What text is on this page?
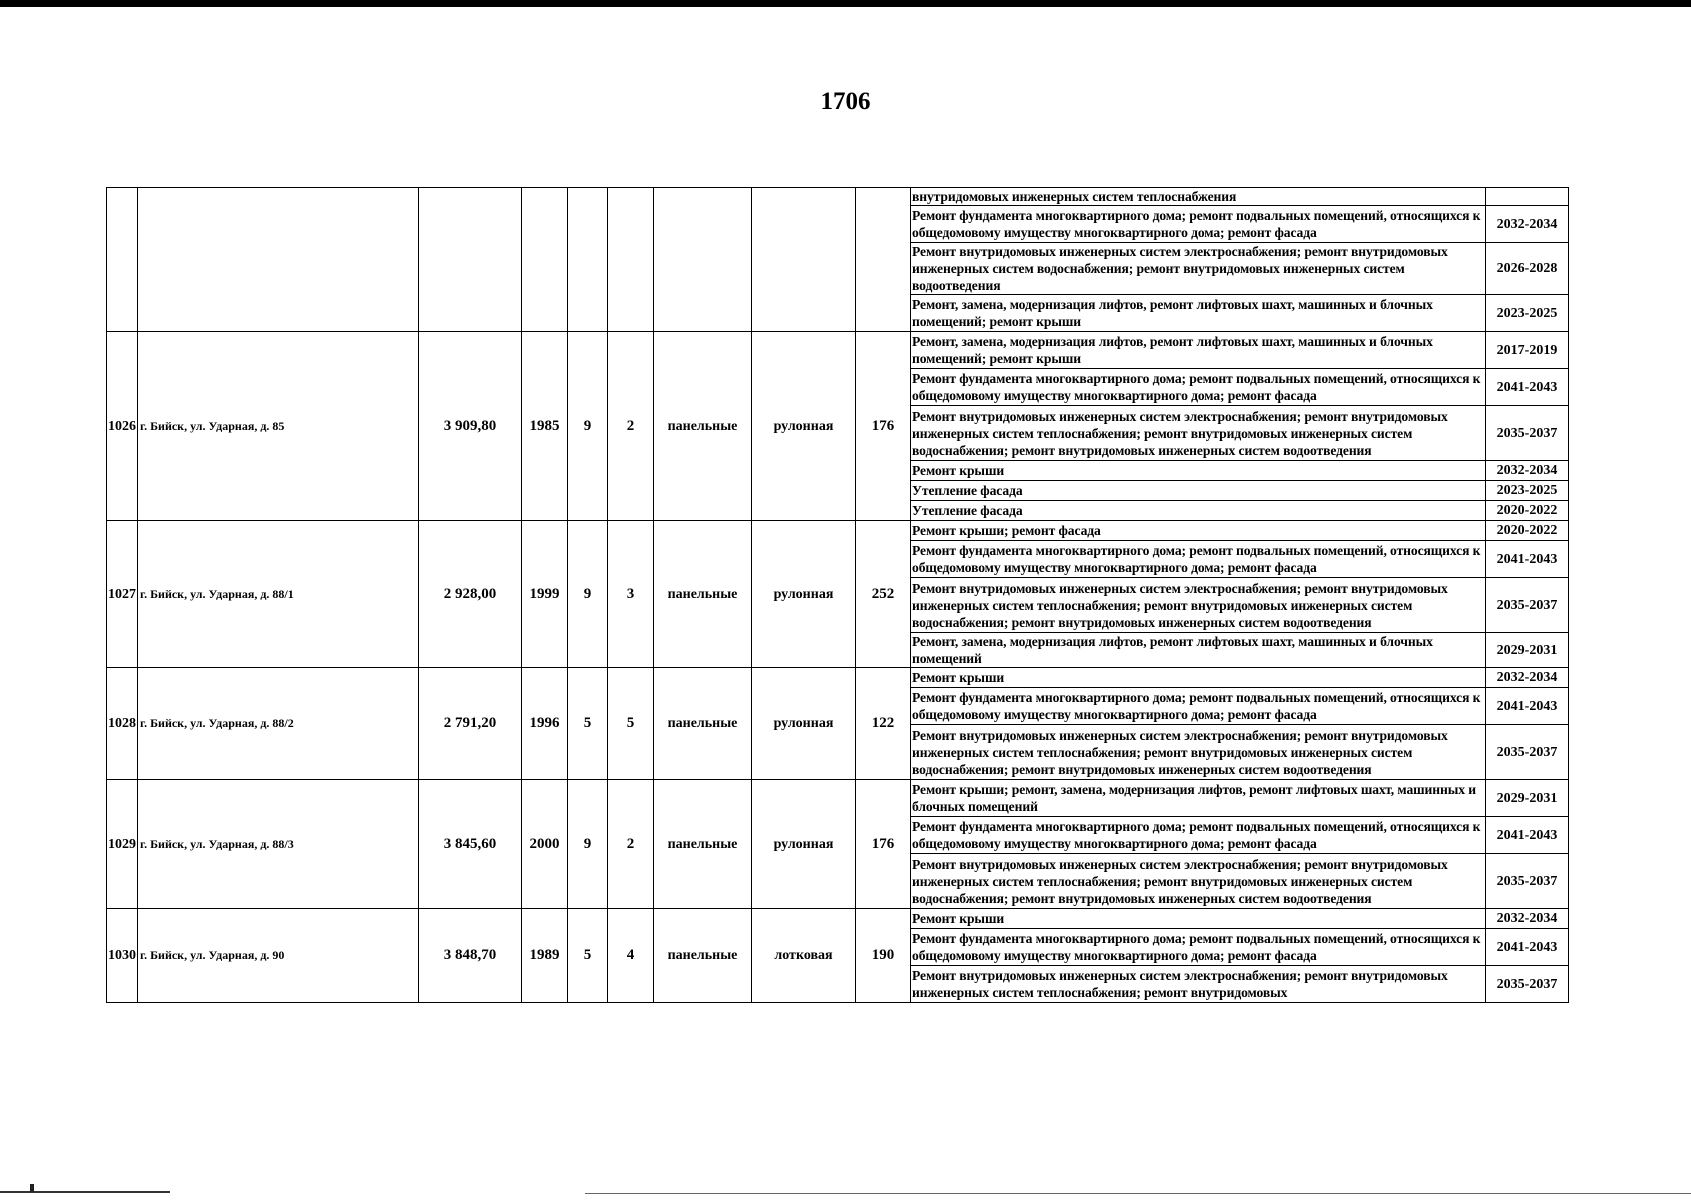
1706
									внутридомовых инженерных систем теплоснабжения	
									Ремонт фундамента многоквартирного дома; ремонт подвальных помещений, относящихся к общедомовому имуществу многоквартирного дома; ремонт фасада	2032-2034
									Ремонт внутридомовых инженерных систем электроснабжения; ремонт внутридомовых инженерных систем водоснабжения; ремонт внутридомовых инженерных систем водоотведения	2026-2028
									Ремонт, замена, модернизация лифтов, ремонт лифтовых шахт, машинных и блочных помещений; ремонт крыши	2023-2025
1026	г. Бийск, ул. Ударная, д. 85	3 909,80	1985	9	2	панельные	рулонная	176	Ремонт, замена, модернизация лифтов, ремонт лифтовых шахт, машинных и блочных помещений; ремонт крыши	2017-2019
									Ремонт фундамента многоквартирного дома; ремонт подвальных помещений, относящихся к общедомовому имуществу многоквартирного дома; ремонт фасада	2041-2043
									Ремонт внутридомовых инженерных систем электроснабжения; ремонт внутридомовых инженерных систем теплоснабжения; ремонт внутридомовых инженерных систем водоснабжения; ремонт внутридомовых инженерных систем водоотведения	2035-2037
									Ремонт крыши	2032-2034
									Утепление фасада	2023-2025
									Утепление фасада	2020-2022
1027	г. Бийск, ул. Ударная, д. 88/1	2 928,00	1999	9	3	панельные	рулонная	252	Ремонт крыши; ремонт фасада	2020-2022
									Ремонт фундамента многоквартирного дома; ремонт подвальных помещений, относящихся к общедомовому имуществу многоквартирного дома; ремонт фасада	2041-2043
									Ремонт внутридомовых инженерных систем электроснабжения; ремонт внутридомовых инженерных систем теплоснабжения; ремонт внутридомовых инженерных систем водоснабжения; ремонт внутридомовых инженерных систем водоотведения	2035-2037
									Ремонт, замена, модернизация лифтов, ремонт лифтовых шахт, машинных и блочных помещений	2029-2031
1028	г. Бийск, ул. Ударная, д. 88/2	2 791,20	1996	5	5	панельные	рулонная	122	Ремонт крыши	2032-2034
									Ремонт фундамента многоквартирного дома; ремонт подвальных помещений, относящихся к общедомовому имуществу многоквартирного дома; ремонт фасада	2041-2043
									Ремонт внутридомовых инженерных систем электроснабжения; ремонт внутридомовых инженерных систем теплоснабжения; ремонт внутридомовых инженерных систем водоснабжения; ремонт внутридомовых инженерных систем водоотведения	2035-2037
1029	г. Бийск, ул. Ударная, д. 88/3	3 845,60	2000	9	2	панельные	рулонная	176	Ремонт крыши; ремонт, замена, модернизация лифтов, ремонт лифтовых шахт, машинных и блочных помещений	2029-2031
									Ремонт фундамента многоквартирного дома; ремонт подвальных помещений, относящихся к общедомовому имуществу многоквартирного дома; ремонт фасада	2041-2043
									Ремонт внутридомовых инженерных систем электроснабжения; ремонт внутридомовых инженерных систем теплоснабжения; ремонт внутридомовых инженерных систем водоснабжения; ремонт внутридомовых инженерных систем водоотведения	2035-2037
1030	г. Бийск, ул. Ударная, д. 90	3 848,70	1989	5	4	панельные	лотковая	190	Ремонт крыши	2032-2034
									Ремонт фундамента многоквартирного дома; ремонт подвальных помещений, относящихся к общедомовому имуществу многоквартирного дома; ремонт фасада	2041-2043
									Ремонт внутридомовых инженерных систем электроснабжения; ремонт внутридомовых инженерных систем теплоснабжения; ремонт внутридомовых	2035-2037
